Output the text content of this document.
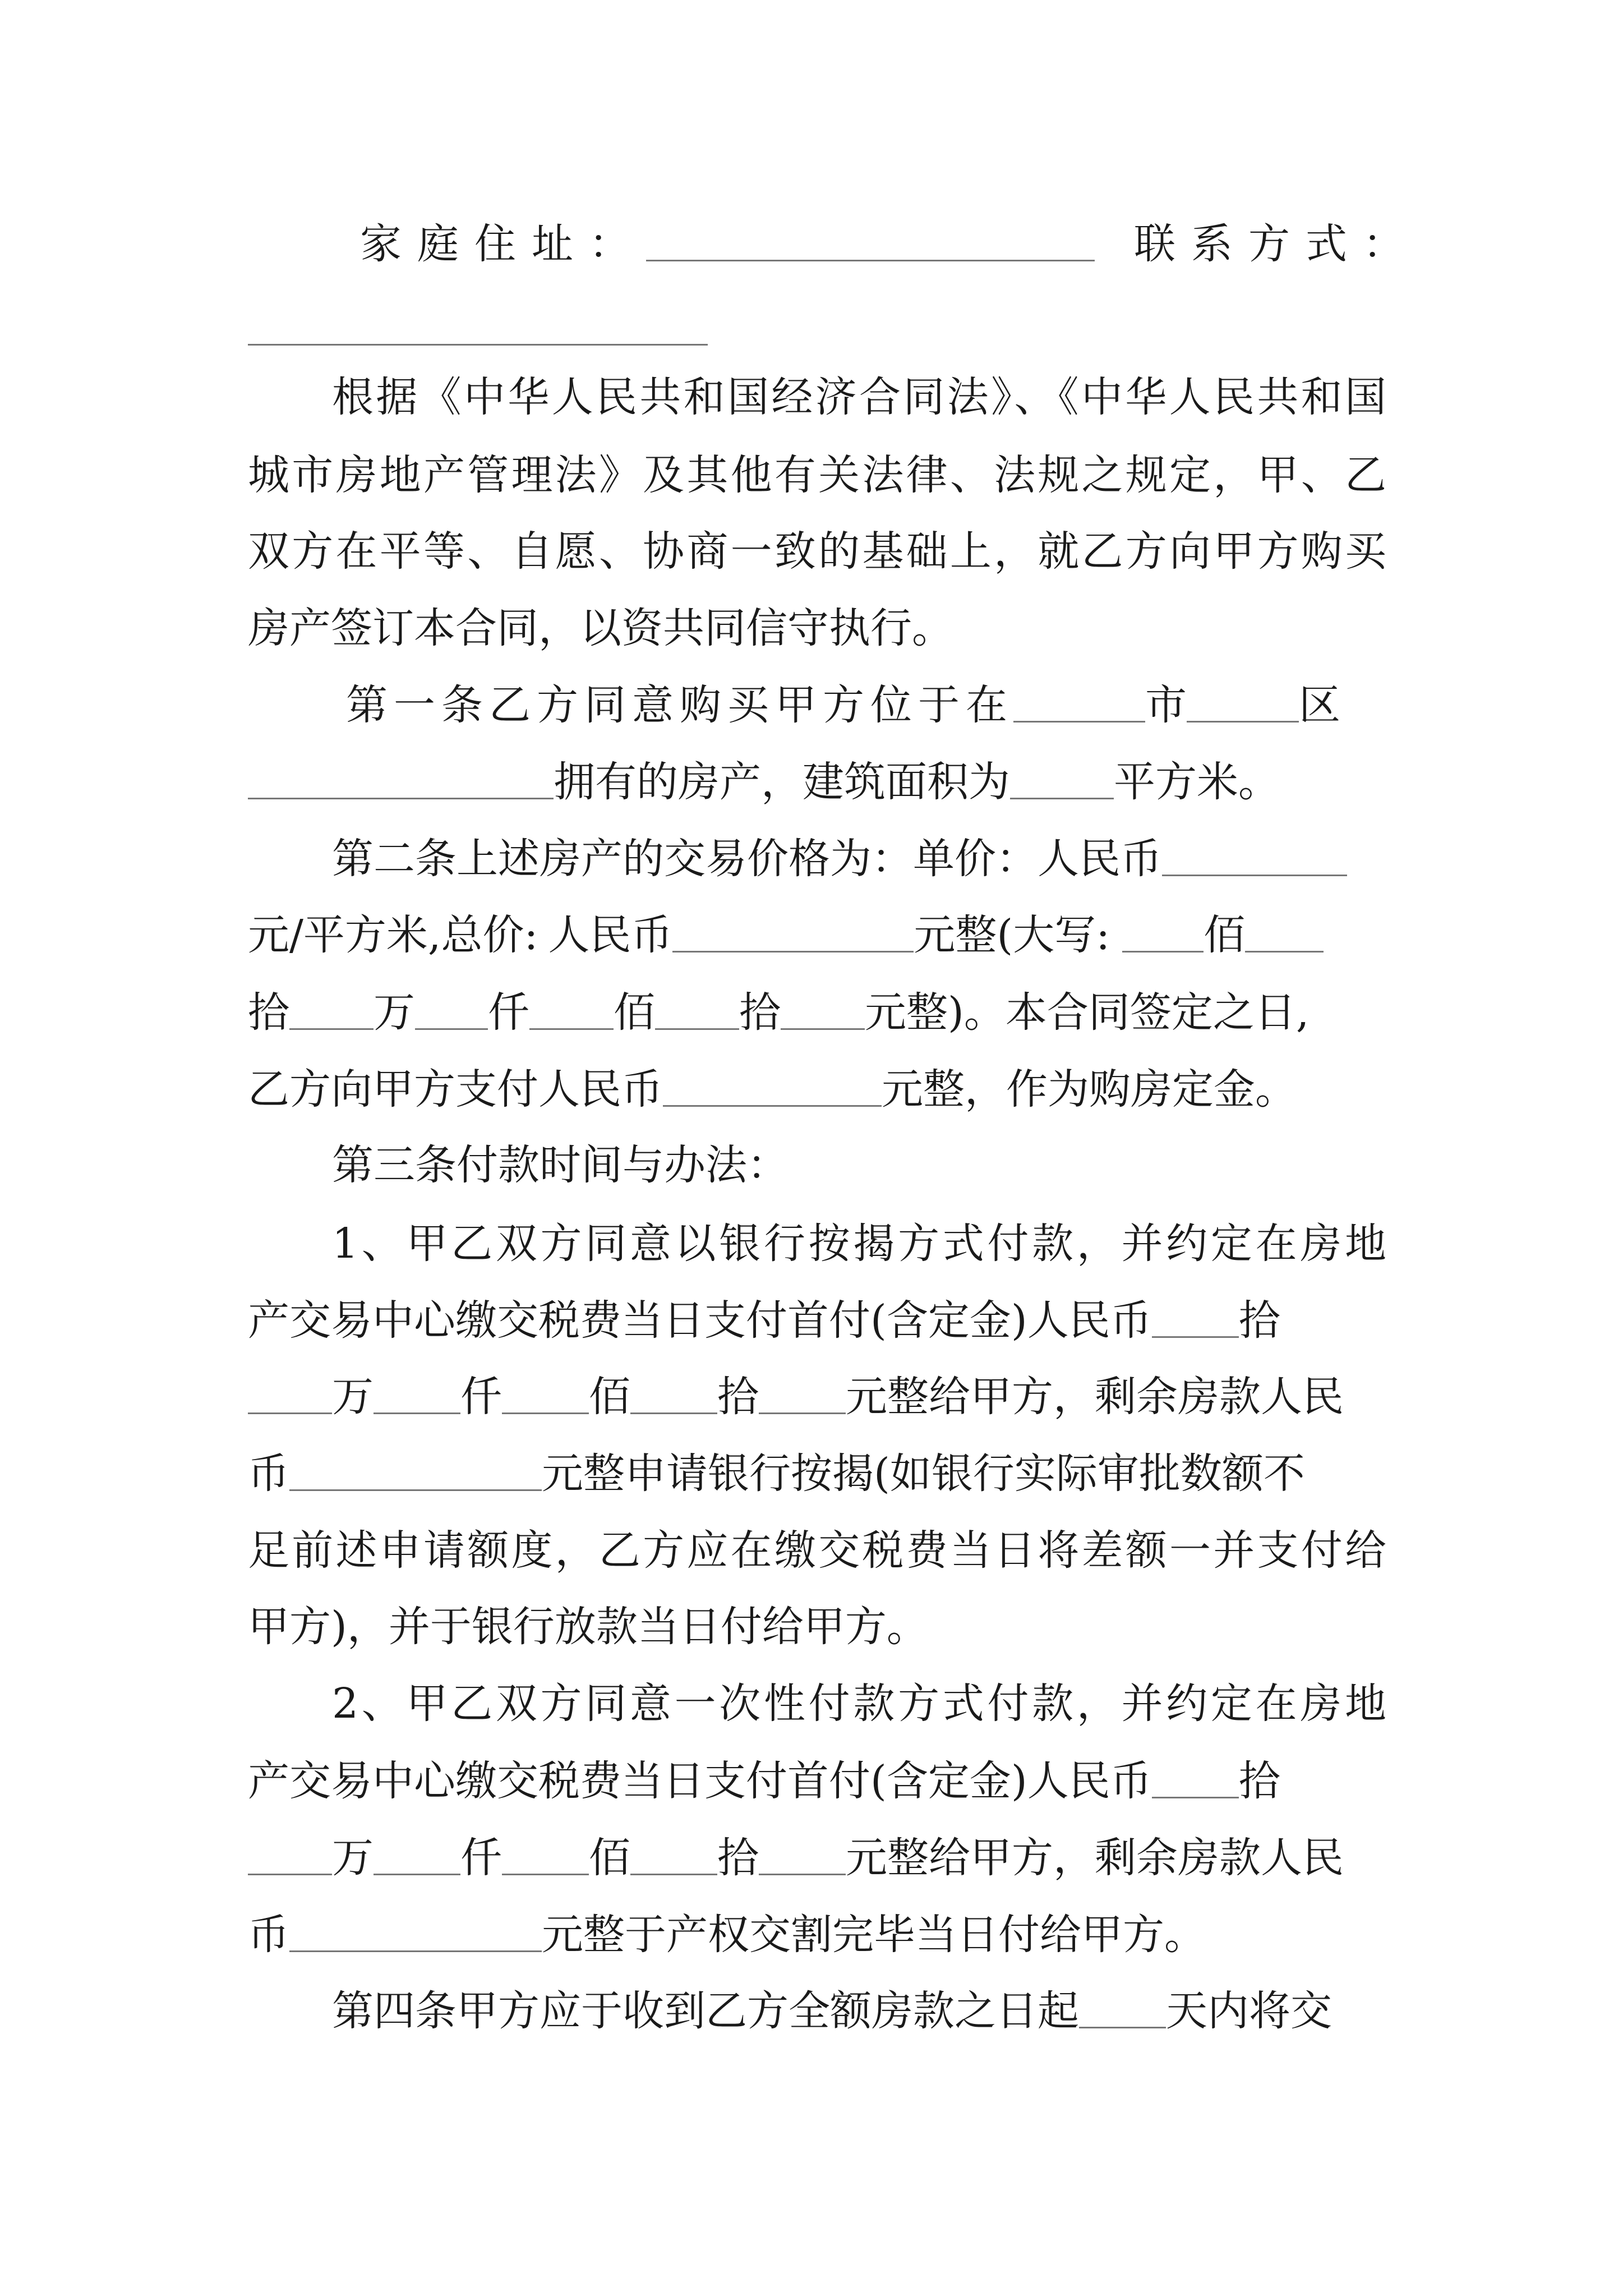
家庭住址：	联系方式：
根据《中华人民共和国经济合同法》、《中华人民共和国
城市房地产管理法》及其他有关法律、法规之规定，甲、乙
双方在平等、自愿、协商一致的基础上，就乙方向甲方购买
房产签订本合同，以资共同信守执行。
第一条乙方同意购买甲方位于在	市	区
拥有的房产，建筑面积为	平方米。
第二条上述房产的交易价格为：单价：人民币
元/平方米,总价: 人民币	元整(大写: 佰
拾 万 仟 佰 拾 元整)。本合同签定之日,
乙方向甲方支付人民币	元整，作为购房定金。
第三条付款时间与办法：
1、甲乙双方同意以银行按揭方式付款，并约定在房地
产交易中心缴交税费当日支付首付(含定金)人民币 拾
万 仟 佰 拾 元整给甲方，剩余房款人民
币	元整申请银行按揭(如银行实际审批数额不
足前述申请额度，乙方应在缴交税费当日将差额一并支付给
甲方)，并于银行放款当日付给甲方。
2、甲乙双方同意一次性付款方式付款，并约定在房地
产交易中心缴交税费当日支付首付(含定金)人民币 拾
万 仟 佰 拾 元整给甲方，剩余房款人民
币	元整于产权交割完毕当日付给甲方。
第四条甲方应于收到乙方全额房款之日起 天内将交
